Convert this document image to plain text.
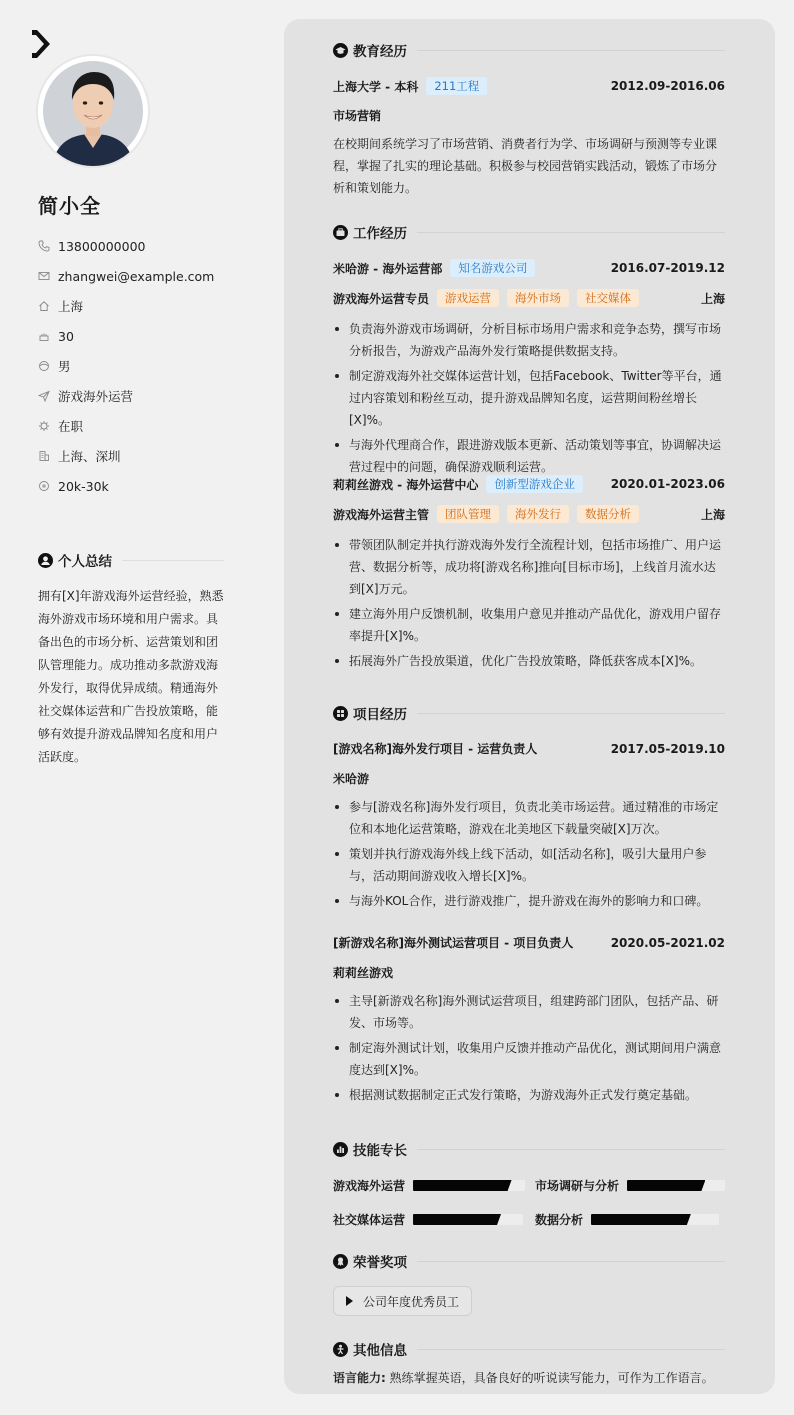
简小全
13800000000
zhangwei@example.com
上海
30
男
游戏海外运营
在职
上海、深圳
20k-30k
个人总结
拥有[X]年游戏海外运营经验，熟悉海外游戏市场环境和用户需求。具备出色的市场分析、运营策划和团队管理能力。成功推动多款游戏海外发行，取得优异成绩。精通海外社交媒体运营和广告投放策略，能够有效提升游戏品牌知名度和用户活跃度。
教育经历
上海大学 - 本科	211工程	2012.09-2016.06
市场营销
在校期间系统学习了市场营销、消费者行为学、市场调研与预测等专业课程，掌握了扎实的理论基础。积极参与校园营销实践活动，锻炼了市场分析和策划能力。
工作经历
米哈游 - 海外运营部	知名游戏公司	2016.07-2019.12
游戏海外运营专员	游戏运营	海外市场	社交媒体	上海
负责海外游戏市场调研，分析目标市场用户需求和竞争态势，撰写市场分析报告，为游戏产品海外发行策略提供数据支持。
制定游戏海外社交媒体运营计划，包括Facebook、Twitter等平台，通过内容策划和粉丝互动，提升游戏品牌知名度，运营期间粉丝增长[X]%。
与海外代理商合作，跟进游戏版本更新、活动策划等事宜，协调解决运营过程中的问题，确保游戏顺利运营。
莉莉丝游戏 - 海外运营中心	创新型游戏企业	2020.01-2023.06
游戏海外运营主管	团队管理	海外发行	数据分析	上海
带领团队制定并执行游戏海外发行全流程计划，包括市场推广、用户运营、数据分析等，成功将[游戏名称]推向[目标市场]，上线首月流水达到[X]万元。
建立海外用户反馈机制，收集用户意见并推动产品优化，游戏用户留存率提升[X]%。
拓展海外广告投放渠道，优化广告投放策略，降低获客成本[X]%。
项目经历
[游戏名称]海外发行项目 - 运营负责人	2017.05-2019.10
米哈游
参与[游戏名称]海外发行项目，负责北美市场运营。通过精准的市场定位和本地化运营策略，游戏在北美地区下载量突破[X]万次。
策划并执行游戏海外线上线下活动，如[活动名称]，吸引大量用户参与，活动期间游戏收入增长[X]%。
与海外KOL合作，进行游戏推广，提升游戏在海外的影响力和口碑。
[新游戏名称]海外测试运营项目 - 项目负责人	2020.05-2021.02
莉莉丝游戏
主导[新游戏名称]海外测试运营项目，组建跨部门团队，包括产品、研发、市场等。
制定海外测试计划，收集用户反馈并推动产品优化，测试期间用户满意度达到[X]%。
根据测试数据制定正式发行策略，为游戏海外正式发行奠定基础。
技能专长
游戏海外运营	市场调研与分析
社交媒体运营	数据分析
荣誉奖项
公司年度优秀员工
其他信息
语言能力: 熟练掌握英语，具备良好的听说读写能力，可作为工作语言。
